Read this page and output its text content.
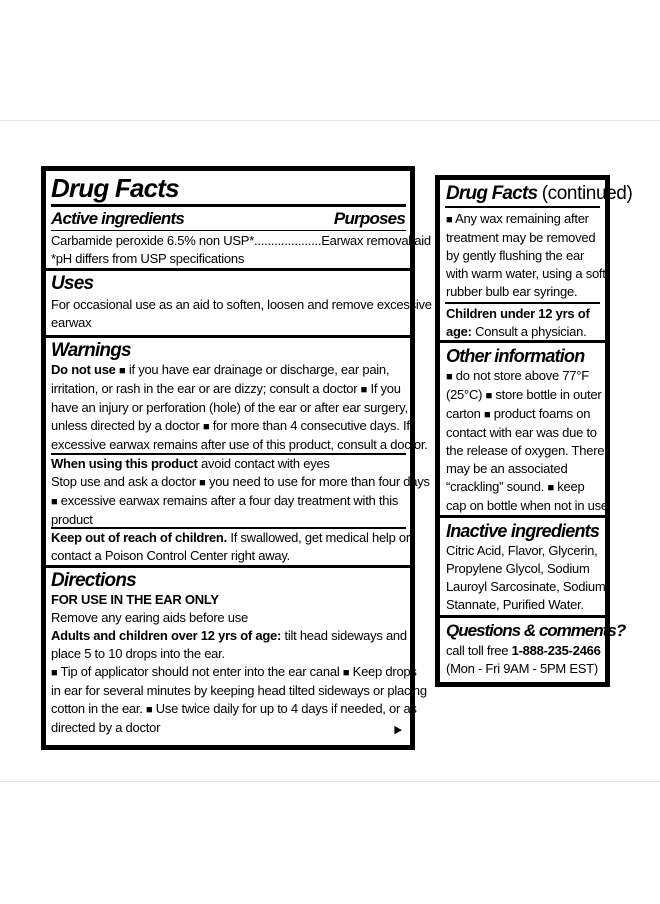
Drug Facts
Active ingredients	Purposes
Carbamide peroxide 6.5% non USP*....................Earwax removal aid
*pH differs from USP specifications
Uses
For occasional use as an aid to soften, loosen and remove excessive
earwax
Warnings
Do not use ■ if you have ear drainage or discharge, ear pain,
irritation, or rash in the ear or are dizzy; consult a doctor ■ If you
have an injury or perforation (hole) of the ear or after ear surgery,
unless directed by a doctor ■ for more than 4 consecutive days. If
excessive earwax remains after use of this product, consult a doctor.
When using this product avoid contact with eyes
Stop use and ask a doctor ■ you need to use for more than four days
■ excessive earwax remains after a four day treatment with this
product
Keep out of reach of children. If swallowed, get medical help or
contact a Poison Control Center right away.
Directions
FOR USE IN THE EAR ONLY
Remove any earing aids before use
Adults and children over 12 yrs of age: tilt head sideways and
place 5 to 10 drops into the ear.
■ Tip of applicator should not enter into the ear canal ■ Keep drops
in ear for several minutes by keeping head tilted sideways or placing
cotton in the ear. ■ Use twice daily for up to 4 days if needed, or as
directed by a doctor	▶
Drug Facts (continued)
■ Any wax remaining after
treatment may be removed
by gently flushing the ear
with warm water, using a soft
rubber bulb ear syringe.
Children under 12 yrs of
age: Consult a physician.
Other information
■ do not store above 77°F
(25°C) ■ store bottle in outer
carton ■ product foams on
contact with ear was due to
the release of oxygen. There
may be an associated
“crackling” sound. ■ keep
cap on bottle when not in use
Inactive ingredients
Citric Acid, Flavor, Glycerin,
Propylene Glycol, Sodium
Lauroyl Sarcosinate, Sodium
Stannate, Purified Water.
Questions & comments?
call toll free 1-888-235-2466
(Mon - Fri 9AM - 5PM EST)
